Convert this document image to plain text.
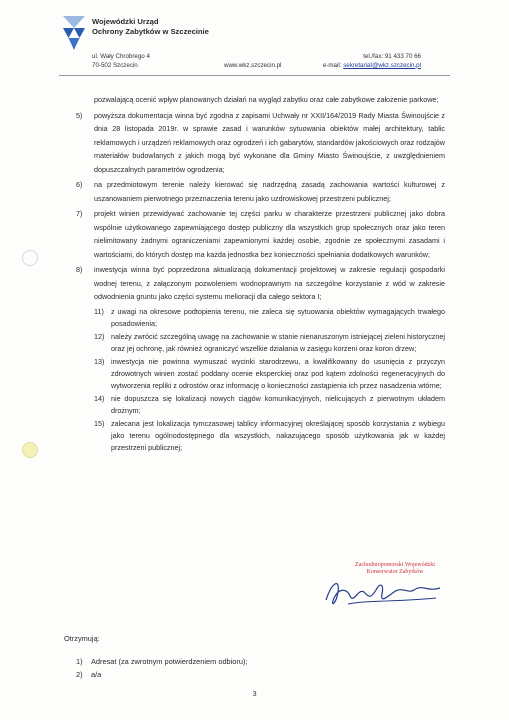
Wojewódzki Urząd
Ochrony Zabytków w Szczecinie
ul. Wały Chrobrego 4
70-502 Szczecin	www.wkz.szczecin.pl
tel./fax: 91 433 70 66
e-mail: sekretariat@wkz.szczecin.pl

pozwalającą ocenić wpływ planowanych działań na wygląd zabytku oraz całe zabytkowe założenie parkowe;

5)	powyższa dokumentacja winna być zgodna z zapisami Uchwały nr XXII/164/2019 Rady Miasta Świnoujście z dnia 28 listopada 2019r. w sprawie zasad i warunków sytuowania obiektów małej architektury, tablic reklamowych i urządzeń reklamowych oraz ogrodzeń i ich gabarytów, standardów jakościowych oraz rodzajów materiałów budowlanych z jakich mogą być wykonane dla Gminy Miasto Świnoujście, z uwzględnieniem dopuszczalnych parametrów ogrodzenia;
6)	na przedmiotowym terenie należy kierować się nadrzędną zasadą zachowania wartości kulturowej z uszanowaniem pierwotnego przeznaczenia terenu jako uzdrowiskowej przestrzeni publicznej;
7)	projekt winien przewidywać zachowanie tej części parku w charakterze przestrzeni publicznej jako dobra wspólnie użytkowanego zapewniającego dostęp publiczny dla wszystkich grup społecznych oraz jako teren nielimitowany żadnymi ograniczeniami zapewnionymi każdej osobie, zgodnie ze społecznymi zasadami i wartościami, do których dostęp ma każda jednostka bez konieczności spełniania dodatkowych warunków;
8)	inwestycja winna być poprzedzona aktualizacją dokumentacji projektowej w zakresie regulacji gospodarki wodnej terenu, z załączonym pozwoleniem wodnoprawnym na szczególne korzystanie z wód w zakresie odwodnienia gruntu jako części systemu melioracji dla całego sektora I;
11) z uwagi na okresowe podtopienia terenu, nie zaleca się sytuowania obiektów wymagających trwałego posadowienia;
12) należy zwrócić szczególną uwagę na zachowanie w stanie nienaruszonym istniejącej zieleni historycznej oraz jej ochronę, jak również ograniczyć wszelkie działania w zasięgu korzeni oraz koron drzew;
13) inwestycja nie powinna wymuszać wycinki starodrzewu, a kwalifikowany do usunięcia z przyczyn zdrowotnych winien zostać poddany ocenie eksperckiej oraz pod kątem zdolności regeneracyjnych do wytworzenia repliki z odrostów oraz informację o konieczności zastąpienia ich przez nasadzenia wtórne;
14) nie dopuszcza się lokalizacji nowych ciągów komunikacyjnych, nielicujących z pierwotnym układem drożnym;
15) zalecana jest lokalizacja tymczasowej tablicy informacyjnej określającej sposób korzystania z wybiegu jako terenu ogólnodostępnego dla wszystkich, nakazującego sposób użytkowania jak w każdej przestrzeni publicznej;
Zachodniopomorski Wojewódzki
Konserwator Zabytków
Otrzymują:
1)	Adresat (za zwrotnym potwierdzeniem odbioru);
2)	a/a
3
